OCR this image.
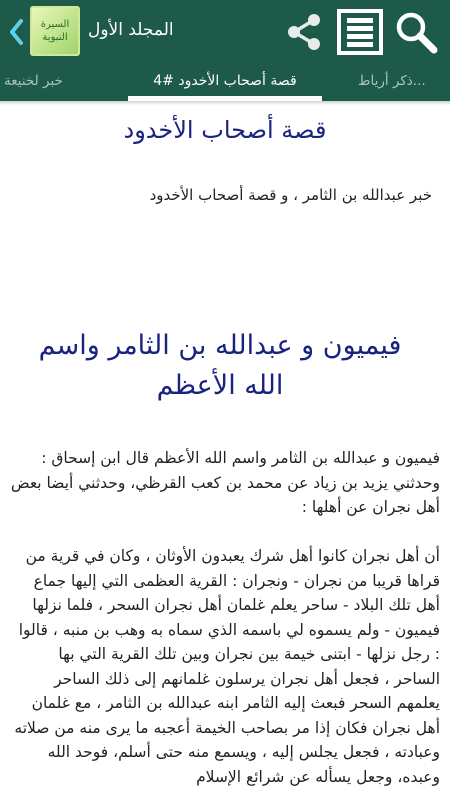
المجلد الأول
السيرة
النبوية
خبر لخنيعة	قصة أصحاب الأخدود #4	...ذكر أرياط
قصة أصحاب الأخدود

خبر عبدالله بن الثامر ، و قصة أصحاب الأخدود

فيميون و عبدالله بن الثامر واسم الله الأعظم

فيميون و عبدالله بن الثامر واسم الله الأعظم قال ابن إسحاق : وحدثني يزيد بن زياد عن محمد بن كعب القرظي، وحدثني أيضا بعض أهل نجران عن أهلها :

أن أهل نجران كانوا أهل شرك يعبدون الأوثان ، وكان في قرية من قراها قريبا من نجران - ونجران : القرية العظمى التي إليها جماع أهل تلك البلاد - ساحر يعلم غلمان أهل نجران السحر ، فلما نزلها فيميون - ولم يسموه لي باسمه الذي سماه به وهب بن منبه ، قالوا : رجل نزلها - ابتنى خيمة بين نجران وبين تلك القرية التي بها الساحر ، فجعل أهل نجران يرسلون غلمانهم إلى ذلك الساحر يعلمهم السحر فبعث إليه الثامر ابنه عبدالله بن الثامر ، مع غلمان أهل نجران فكان إذا مر بصاحب الخيمة أعجبه ما يرى منه من صلاته وعبادته ، فجعل يجلس إليه ، ويسمع منه حتى أسلم، فوحد الله وعبده، وجعل يسأله عن شرائع الإسلام
